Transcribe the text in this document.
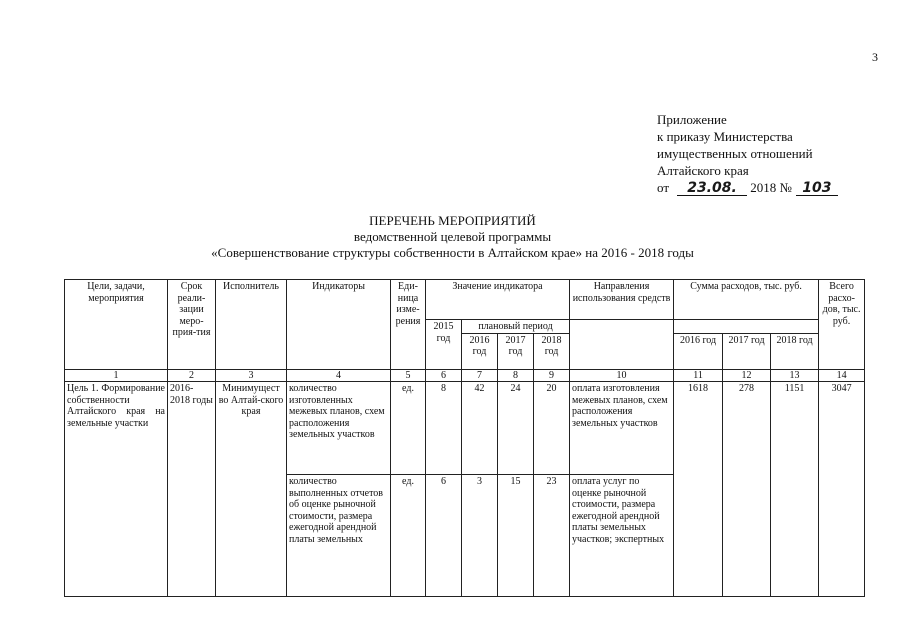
3
Приложение
к приказу Министерства
имущественных отношений
Алтайского края
от 23.08. 2018 № 103
ПЕРЕЧЕНЬ МЕРОПРИЯТИЙ
ведомственной целевой программы
«Совершенствование структуры собственности в Алтайском крае» на 2016 - 2018 годы
Цели, задачи, мероприятия	Срок реали-зации меро-прия-тия	Исполнитель	Индикаторы	Еди-ница изме-рения	Значение индикатора				Направления использования средств	Сумма расходов, тыс. руб.			Всего расхо-дов, тыс. руб.
					2015 год	плановый период							
						2016 год	2017 год	2018 год		2016 год	2017 год	2018 год	
1	2	3	4	5	6	7	8	9	10	11	12	13	14
Цель 1. Формирование собственности Алтайского края на земельные участки	2016-2018 годы	Минимущест во Алтай-ского края	количество изготовленных межевых планов, схем расположения земельных участков	ед.	8	42	24	20	оплата изготовления межевых планов, схем расположения земельных участков	1618	278	1151	3047
			количество выполненных отчетов об оценке рыночной стоимости, размера ежегодной арендной платы земельных	ед.	6	3	15	23	оплата услуг по оценке рыночной стоимости, размера ежегодной арендной платы земельных участков; экспертных				
